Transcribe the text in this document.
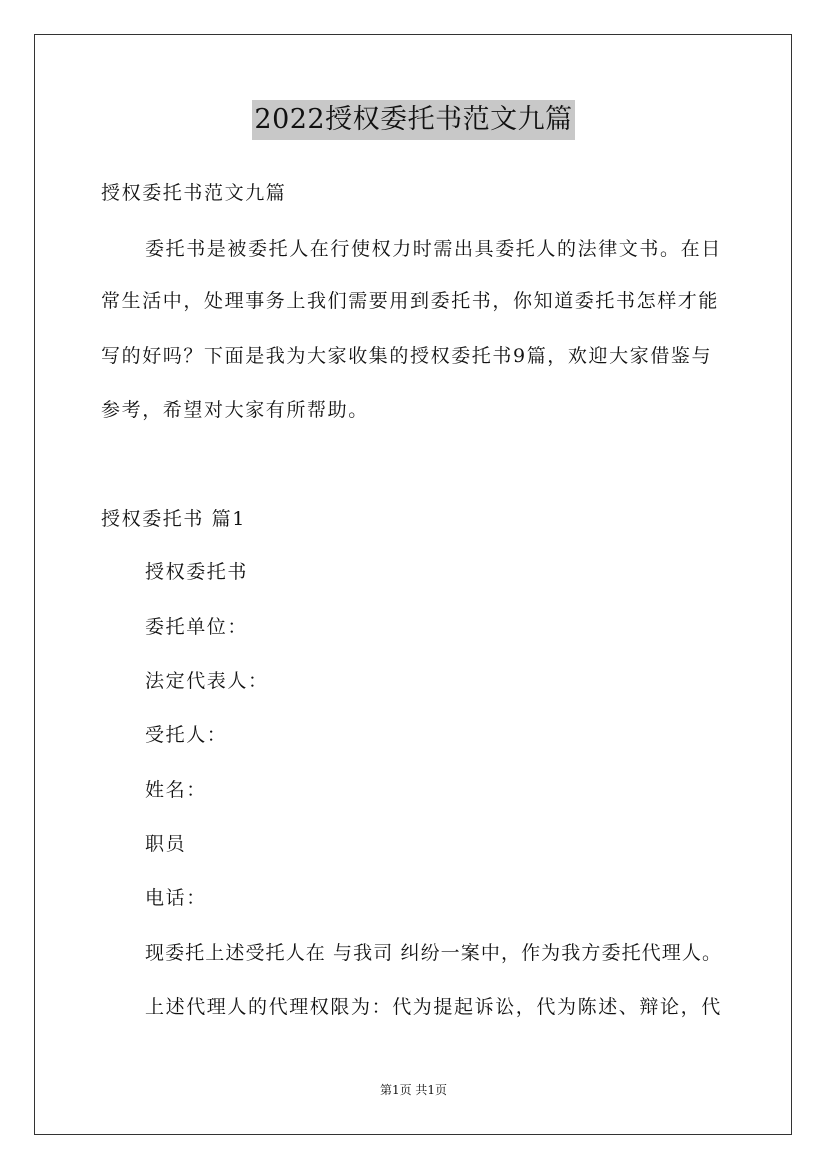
2022授权委托书范文九篇
授权委托书范文九篇
委托书是被委托人在行使权力时需出具委托人的法律文书。在日
常生活中，处理事务上我们需要用到委托书，你知道委托书怎样才能
写的好吗？下面是我为大家收集的授权委托书9篇，欢迎大家借鉴与
参考，希望对大家有所帮助。
授权委托书 篇1
授权委托书
委托单位：
法定代表人：
受托人：
姓名：
职员
电话：
现委托上述受托人在 与我司 纠纷一案中，作为我方委托代理人。
上述代理人的代理权限为：代为提起诉讼，代为陈述、辩论，代
第1页 共1页
